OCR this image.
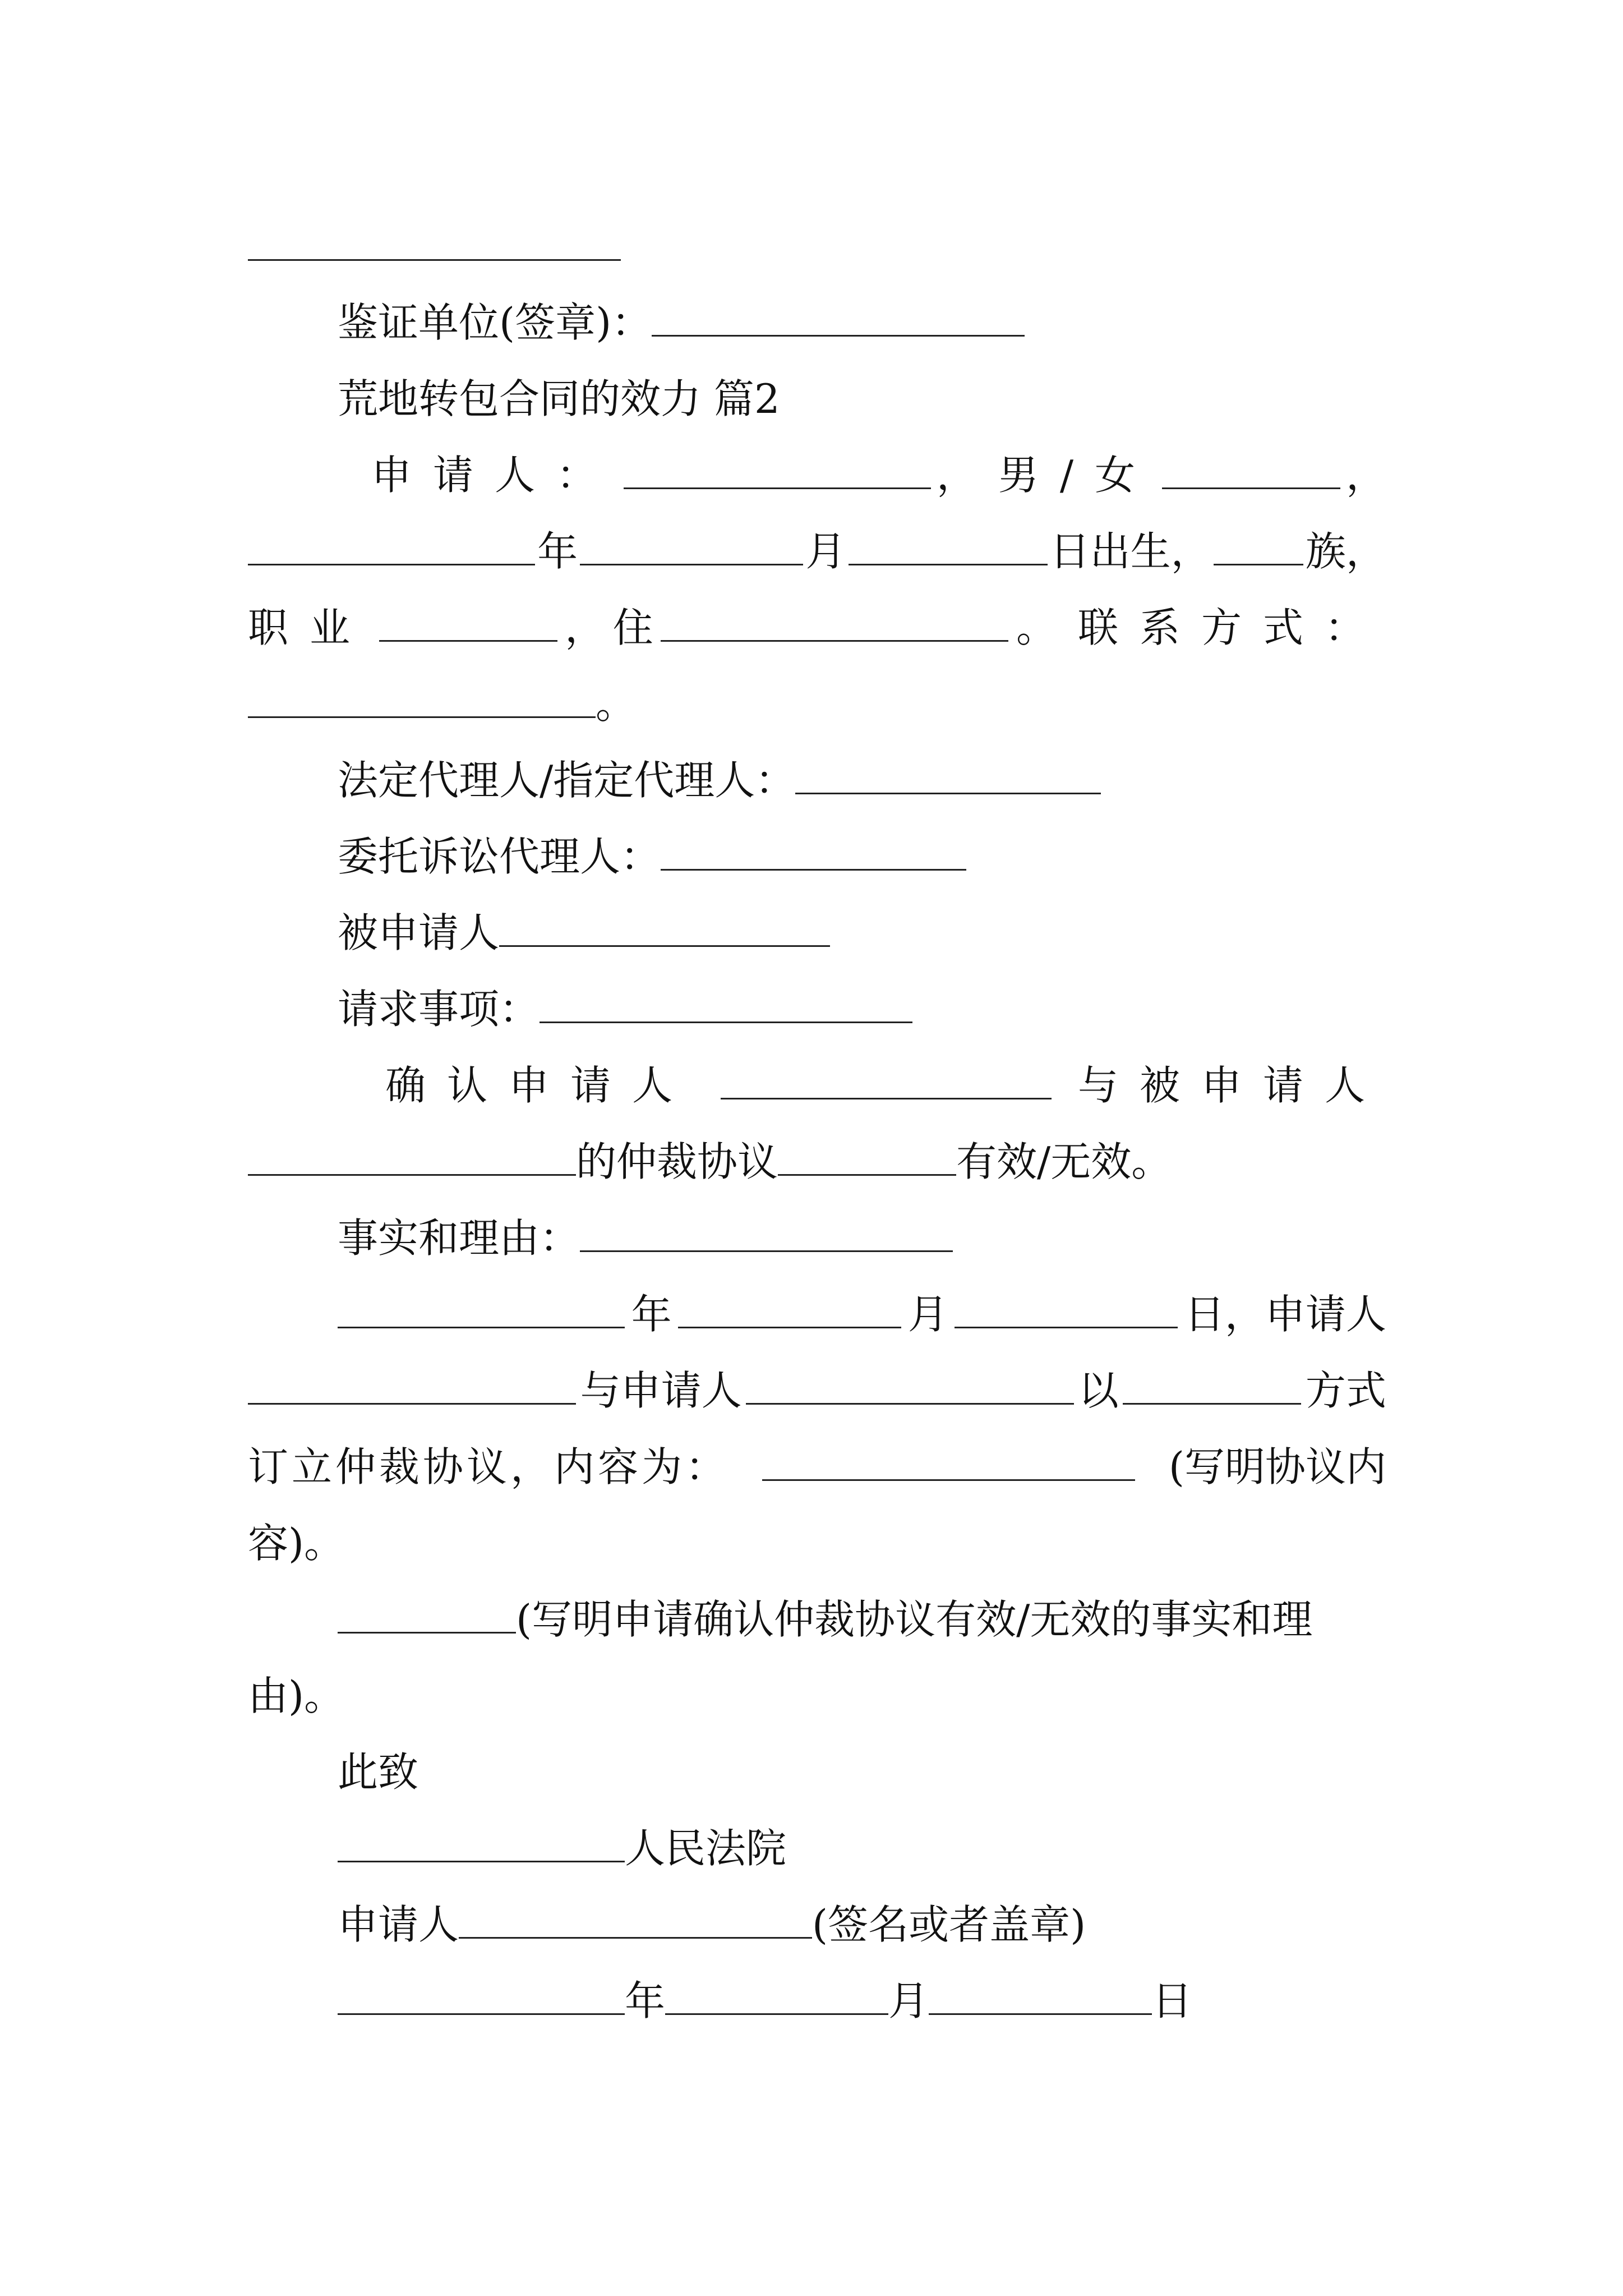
鉴证单位(签章)：
荒地转包合同的效力 篇2
申请人：	，男/女	，
年	月	日出生， 族，
职业	， 住	。联系方式：
。
法定代理人/指定代理人：
委托诉讼代理人：
被申请人
请求事项：
确认申请人	与被申请人
的仲裁协议	有效/无效。
事实和理由：
年	月	日，申请人
与申请人	以	方式
订立仲裁协议，内容为：	(写明协议内
容)。
(写明申请确认仲裁协议有效/无效的事实和理
由)。
此致
人民法院
申请人	(签名或者盖章)
年	月	日
